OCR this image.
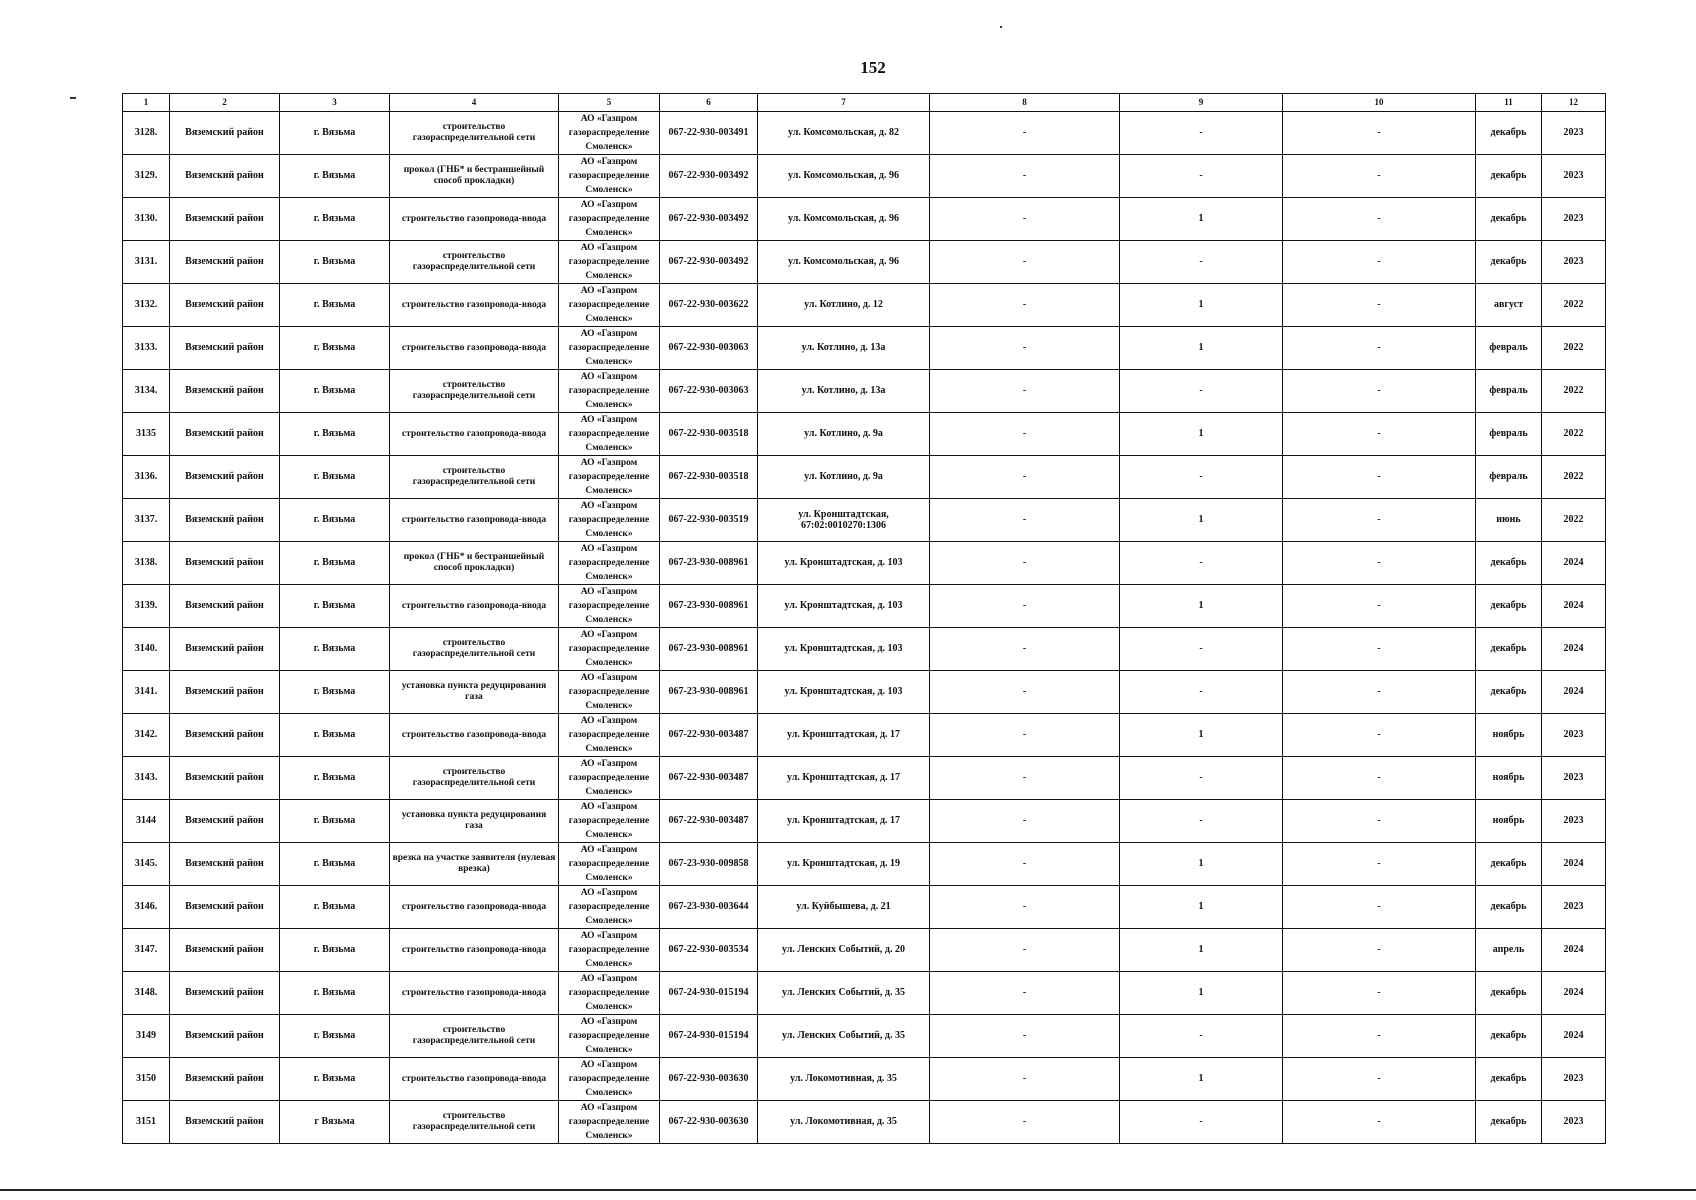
152
1	2	3	4	5	6	7	8	9	10	11	12
3128.	Вяземский район	г. Вязьма	строительство газораспределительной сети	АО «Газпром газораспределение Смоленск»	067-22-930-003491	ул. Комсомольская, д. 82	-	-	-	декабрь	2023
3129.	Вяземский район	г. Вязьма	прокол (ГНБ* и бестраншейный способ прокладки)	АО «Газпром газораспределение Смоленск»	067-22-930-003492	ул. Комсомольская, д. 96	-	-	-	декабрь	2023
3130.	Вяземский район	г. Вязьма	строительство газопровода-ввода	АО «Газпром газораспределение Смоленск»	067-22-930-003492	ул. Комсомольская, д. 96	-	1	-	декабрь	2023
3131.	Вяземский район	г. Вязьма	строительство газораспределительной сети	АО «Газпром газораспределение Смоленск»	067-22-930-003492	ул. Комсомольская, д. 96	-	-	-	декабрь	2023
3132.	Вяземский район	г. Вязьма	строительство газопровода-ввода	АО «Газпром газораспределение Смоленск»	067-22-930-003622	ул. Котлино, д. 12	-	1	-	август	2022
3133.	Вяземский район	г. Вязьма	строительство газопровода-ввода	АО «Газпром газораспределение Смоленск»	067-22-930-003063	ул. Котлино, д. 13а	-	1	-	февраль	2022
3134.	Вяземский район	г. Вязьма	строительство газораспределительной сети	АО «Газпром газораспределение Смоленск»	067-22-930-003063	ул. Котлино, д. 13а	-	-	-	февраль	2022
3135	Вяземский район	г. Вязьма	строительство газопровода-ввода	АО «Газпром газораспределение Смоленск»	067-22-930-003518	ул. Котлино, д. 9а	-	1	-	февраль	2022
3136.	Вяземский район	г. Вязьма	строительство газораспределительной сети	АО «Газпром газораспределение Смоленск»	067-22-930-003518	ул. Котлино, д. 9а	-	-	-	февраль	2022
3137.	Вяземский район	г. Вязьма	строительство газопровода-ввода	АО «Газпром газораспределение Смоленск»	067-22-930-003519	ул. Кронштадтская, 67:02:0010270:1306	-	1	-	июнь	2022
3138.	Вяземский район	г. Вязьма	прокол (ГНБ* и бестраншейный способ прокладки)	АО «Газпром газораспределение Смоленск»	067-23-930-008961	ул. Кронштадтская, д. 103	-	-	-	декабрь	2024
3139.	Вяземский район	г. Вязьма	строительство газопровода-ввода	АО «Газпром газораспределение Смоленск»	067-23-930-008961	ул. Кронштадтская, д. 103	-	1	-	декабрь	2024
3140.	Вяземский район	г. Вязьма	строительство газораспределительной сети	АО «Газпром газораспределение Смоленск»	067-23-930-008961	ул. Кронштадтская, д. 103	-	-	-	декабрь	2024
3141.	Вяземский район	г. Вязьма	установка пункта редуцирования газа	АО «Газпром газораспределение Смоленск»	067-23-930-008961	ул. Кронштадтская, д. 103	-	-	-	декабрь	2024
3142.	Вяземский район	г. Вязьма	строительство газопровода-ввода	АО «Газпром газораспределение Смоленск»	067-22-930-003487	ул. Кронштадтская, д. 17	-	1	-	ноябрь	2023
3143.	Вяземский район	г. Вязьма	строительство газораспределительной сети	АО «Газпром газораспределение Смоленск»	067-22-930-003487	ул. Кронштадтская, д. 17	-	-	-	ноябрь	2023
3144	Вяземский район	г. Вязьма	установка пункта редуцирования газа	АО «Газпром газораспределение Смоленск»	067-22-930-003487	ул. Кронштадтская, д. 17	-	-	-	ноябрь	2023
3145.	Вяземский район	г. Вязьма	врезка на участке заявителя (нулевая врезка)	АО «Газпром газораспределение Смоленск»	067-23-930-009858	ул. Кронштадтская, д. 19	-	1	-	декабрь	2024
3146.	Вяземский район	г. Вязьма	строительство газопровода-ввода	АО «Газпром газораспределение Смоленск»	067-23-930-003644	ул. Куйбышева, д. 21	-	1	-	декабрь	2023
3147.	Вяземский район	г. Вязьма	строительство газопровода-ввода	АО «Газпром газораспределение Смоленск»	067-22-930-003534	ул. Ленских Событий, д. 20	-	1	-	апрель	2024
3148.	Вяземский район	г. Вязьма	строительство газопровода-ввода	АО «Газпром газораспределение Смоленск»	067-24-930-015194	ул. Ленских Событий, д. 35	-	1	-	декабрь	2024
3149	Вяземский район	г. Вязьма	строительство газораспределительной сети	АО «Газпром газораспределение Смоленск»	067-24-930-015194	ул. Ленских Событий, д. 35	-	-	-	декабрь	2024
3150	Вяземский район	г. Вязьма	строительство газопровода-ввода	АО «Газпром газораспределение Смоленск»	067-22-930-003630	ул. Локомотивная, д. 35	-	1	-	декабрь	2023
3151	Вяземский район	г Вязьма	строительство газораспределительной сети	АО «Газпром газораспределение Смоленск»	067-22-930-003630	ул. Локомотивная, д. 35	-	-	-	декабрь	2023
